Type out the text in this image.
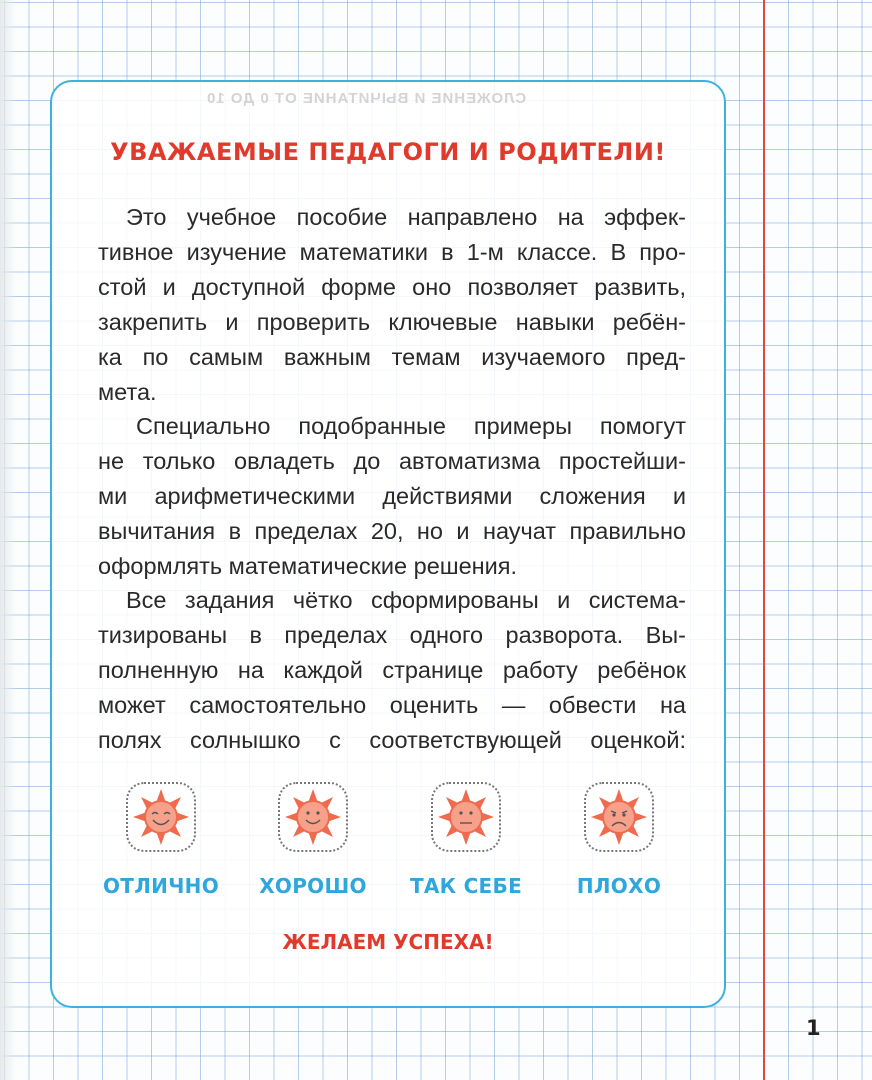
СЛОЖЕНИЕ И ВЫЧИТАНИЕ ОТ 0 ДО 10
УВАЖАЕМЫЕ ПЕДАГОГИ И РОДИТЕЛИ!
Это учебное пособие направлено на эффек-
тивное изучение математики в 1-м классе. В про-
стой и доступной форме оно позволяет развить,
закрепить и проверить ключевые навыки ребён-
ка по самым важным темам изучаемого пред-
мета.
Специально подобранные примеры помогут
не только овладеть до автоматизма простейши-
ми арифметическими действиями сложения и
вычитания в пределах 20, но и научат правильно
оформлять математические решения.
Все задания чётко сформированы и система-
тизированы в пределах одного разворота. Вы-
полненную на каждой странице работу ребёнок
может самостоятельно оценить — обвести на
полях солнышко с соответствующей оценкой:
ОТЛИЧНО	ХОРОШО	ТАК СЕБЕ	ПЛОХО
ЖЕЛАЕМ УСПЕХА!
1
